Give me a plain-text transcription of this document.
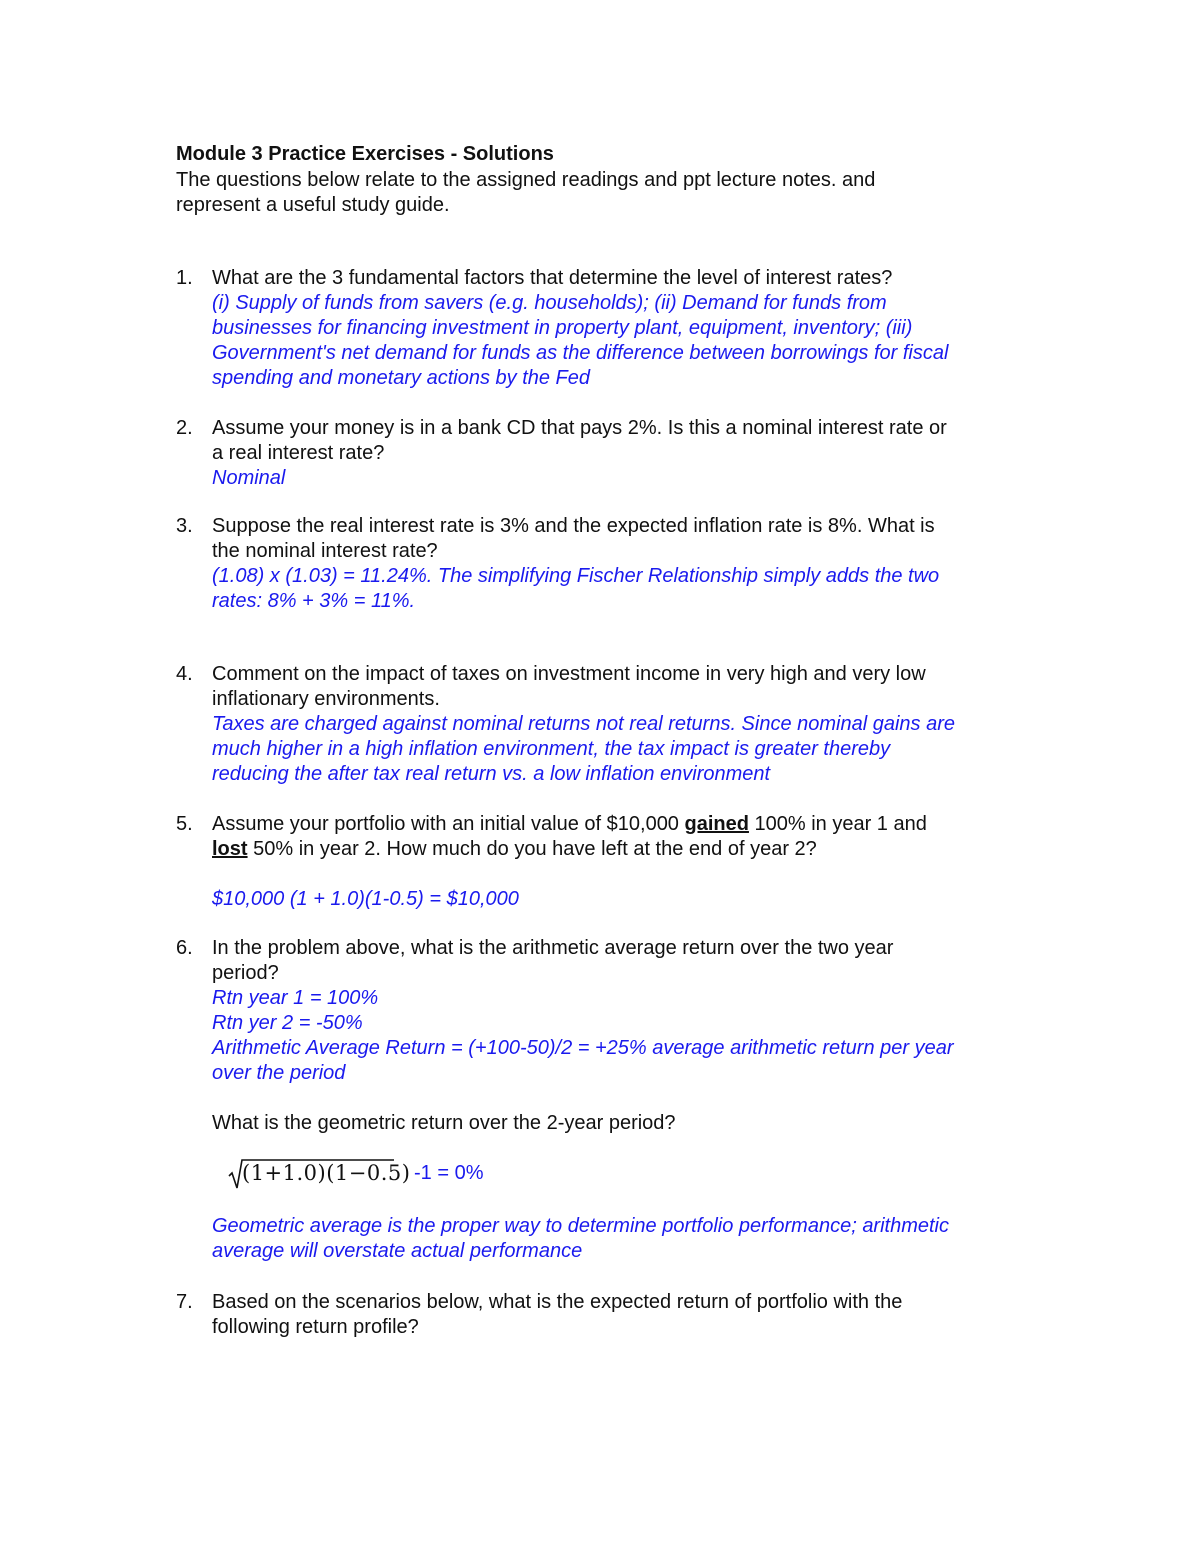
Module 3 Practice Exercises - Solutions
The questions below relate to the assigned readings and ppt lecture notes. and
represent a useful study guide.
1. What are the 3 fundamental factors that determine the level of interest rates?
(i) Supply of funds from savers (e.g. households); (ii) Demand for funds from
businesses for financing investment in property plant, equipment, inventory; (iii)
Government's net demand for funds as the difference between borrowings for fiscal
spending and monetary actions by the Fed
2. Assume your money is in a bank CD that pays 2%. Is this a nominal interest rate or
a real interest rate?
Nominal
3. Suppose the real interest rate is 3% and the expected inflation rate is 8%. What is
the nominal interest rate?
(1.08) x (1.03) = 11.24%. The simplifying Fischer Relationship simply adds the two
rates: 8% + 3% = 11%.
4. Comment on the impact of taxes on investment income in very high and very low
inflationary environments.
Taxes are charged against nominal returns not real returns. Since nominal gains are
much higher in a high inflation environment, the tax impact is greater thereby
reducing the after tax real return vs. a low inflation environment
5. Assume your portfolio with an initial value of $10,000 gained 100% in year 1 and
lost 50% in year 2. How much do you have left at the end of year 2?
$10,000 (1 + 1.0)(1-0.5) = $10,000
6. In the problem above, what is the arithmetic average return over the two year
period?
Rtn year 1 = 100%
Rtn yer 2 = -50%
Arithmetic Average Return = (+100-50)/2 = +25% average arithmetic return per year
over the period
What is the geometric return over the 2-year period?
(1+1.0)(1−0.5) -1 = 0%
Geometric average is the proper way to determine portfolio performance; arithmetic
average will overstate actual performance
7. Based on the scenarios below, what is the expected return of portfolio with the
following return profile?
